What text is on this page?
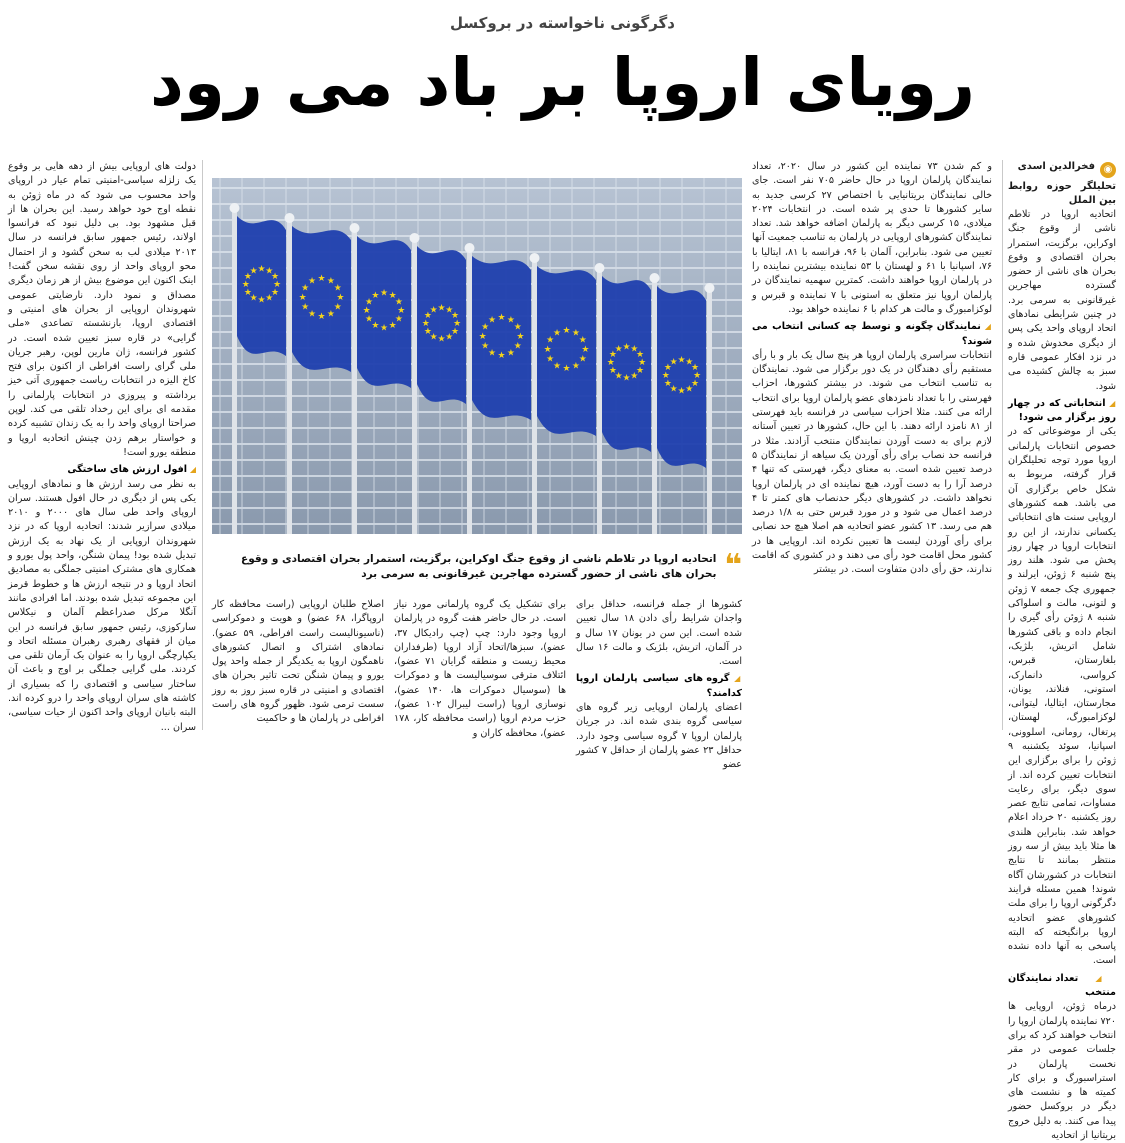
دگرگونی ناخواسته در بروکسل
رویای اروپا بر باد می رود
◉
فخرالدین اسدی
تحلیلگر حوزه روابط بین الملل

اتحادیه اروپا در تلاطم ناشی از وقوع جنگ اوکراین، برگزیت، استمرار بحران اقتصادی و وقوع بحران های ناشی از حضور گسترده مهاجرین غیرقانونی به سرمی برد. در چنین شرایطی نمادهای اتحاد اروپای واحد یکی پس از دیگری مخدوش شده و در نزد افکار عمومی قاره سبز به چالش کشیده می شود.

◢ انتخاباتی که در چهار روز برگزار می شود!

یکی از موضوعاتی که در خصوص انتخابات پارلمانی اروپا مورد توجه تحلیلگران قرار گرفته، مربوط به شکل خاص برگزاری آن می باشد. همه کشورهای اروپایی سنت های انتخاباتی یکسانی ندارند، از این رو انتخابات اروپا در چهار روز پخش می شود. هلند روز پنج شنبه ۶ ژوئن، ایرلند و جمهوری چک جمعه ۷ ژوئن و لتونی، مالت و اسلواکی شنبه ۸ ژوئن رأی گیری را انجام داده و باقی کشورها شامل اتریش، بلژیک، بلغارستان، قبرس، کرواسی، دانمارک، استونی، فنلاند، یونان، مجارستان، ایتالیا، لیتوانی، لوکزامبورگ، لهستان، پرتغال، رومانی، اسلوونی، اسپانیا، سوئد یکشنبه ۹ ژوئن را برای برگزاری این انتخابات تعیین کرده اند. از سوی دیگر، برای رعایت مساوات، تمامی نتایج عصر روز یکشنبه ۲۰ خرداد اعلام خواهد شد. بنابراین هلندی ها مثلا باید بیش از سه روز منتظر بمانند تا نتایج انتخابات در کشورشان آگاه شوند! همین مسئله فرایند دگرگونی اروپا را برای ملت کشورهای عضو اتحادیه اروپا برانگیخته که البته پاسخی به آنها داده نشده است.

◢ تعداد نمایندگان منتخب

درماه ژوئن، اروپایی ها ۷۲۰ نماینده پارلمان اروپا را انتخاب خواهند کرد که برای جلسات عمومی در مقر نخست پارلمان در استراسبورگ و برای کار کمیته ها و نشست های دیگر در بروکسل حضور پیدا می کنند. به دلیل خروج بریتانیا از اتحادیه

و کم شدن ۷۳ نماینده این کشور در سال ۲۰۲۰، تعداد نمایندگان پارلمان اروپا در حال حاضر ۷۰۵ نفر است. جای خالی نمایندگان بریتانیایی با اختصاص ۲۷ کرسی جدید به سایر کشورها تا حدی پر شده است. در انتخابات ۲۰۲۴ میلادی، ۱۵ کرسی دیگر به پارلمان اضافه خواهد شد. تعداد نمایندگان کشورهای اروپایی در پارلمان به تناسب جمعیت آنها تعیین می شود. بنابراین، آلمان با ۹۶، فرانسه با ۸۱، ایتالیا با ۷۶، اسپانیا با ۶۱ و لهستان با ۵۳ نماینده بیشترین نماینده را در پارلمان اروپا خواهند داشت. کمترین سهمیه نمایندگان در پارلمان اروپا نیز متعلق به استونی با ۷ نماینده و قبرس و لوکزامبورگ و مالت هر کدام با ۶ نماینده خواهد بود.

◢ نمایندگان چگونه و توسط چه کسانی انتخاب می شوند؟

انتخابات سراسری پارلمان اروپا هر پنج سال یک بار و با رأی مستقیم رأی دهندگان در یک دور برگزار می شود. نمایندگان به تناسب انتخاب می شوند. در بیشتر کشورها، احزاب فهرستی را با تعداد نامزدهای عضو پارلمان اروپا برای انتخاب ارائه می کنند. مثلا احزاب سیاسی در فرانسه باید فهرستی از ۸۱ نامزد ارائه دهند. با این حال، کشورها در تعیین آستانه لازم برای به دست آوردن نمایندگان منتخب آزادند. مثلا در فرانسه حد نصاب برای رأی آوردن یک سیاهه از نمایندگان ۵ درصد تعیین شده است. به معنای دیگر، فهرستی که تنها ۴ درصد آرا را به دست آورد، هیچ نماینده ای در پارلمان اروپا نخواهد داشت. در کشورهای دیگر حدنصاب های کمتر تا ۴ درصد اعمال می شود و در مورد قبرس حتی به ۱/۸ درصد هم می رسد. ۱۳ کشور عضو اتحادیه هم اصلا هیچ حد نصابی برای رأی آوردن لیست ها تعیین نکرده اند. اروپایی ها در کشور محل اقامت خود رأی می دهند و در کشوری که اقامت ندارند، حق رأی دادن متفاوت است. در بیشتر

★
★
★
★
★
★
★
★
★ ★ ★
★
★
★
★
★
★
★
★
★
★ ★ ★
★
★
★
★
★
★
★
★
★
★ ★ ★
★
★
★
★
★
★
★
★
★
★ ★ ★
★
★
★
★
★
★
★
★
★
★ ★ ★
★
★
★
★
★
★
★
★
★
★ ★ ★
★
★
★
★
★
★
★
★
★
★ ★ ★
★
★
★
★
★
★
★
★
★
★ ★ ★
★
❝
اتحادیه اروپا در تلاطم ناشی از وقوع جنگ اوکراین، برگزیت، استمرار بحران اقتصادی و وقوع بحران های ناشی از حضور گسترده مهاجرین غیرقانونی به سرمی برد

کشورها از جمله فرانسه، حداقل برای واجدان شرایط رأی دادن ۱۸ سال تعیین شده است. این سن در یونان ۱۷ سال و در آلمان، اتریش، بلژیک و مالت ۱۶ سال است.

◢ گروه های سیاسی پارلمان اروپا کدامند؟

اعضای پارلمان اروپایی زیر گروه های سیاسی گروه بندی شده اند. در جریان پارلمان اروپا ۷ گروه سیاسی وجود دارد. حداقل ۲۳ عضو پارلمان از حداقل ۷ کشور عضو

برای تشکیل یک گروه پارلمانی مورد نیاز است. در حال حاضر هفت گروه در پارلمان اروپا وجود دارد: چپ (چپ رادیکال ۳۷، عضو)، سبزها/اتحاد آزاد اروپا (طرفداران محیط زیست و منطقه گرایان ۷۱ عضو)، ائتلاف مترقی سوسیالیست ها و دموکرات ها (سوسیال دموکرات ها، ۱۴۰ عضو)، نوسازی اروپا (راست لیبرال ۱۰۲ عضو)، حزب مردم اروپا (راست محافظه کار، ۱۷۸ عضو)، محافظه کاران و

اصلاح طلبان اروپایی (راست محافظه کار اروپاگرا، ۶۸ عضو) و هویت و دموکراسی (ناسیونالیست راست افراطی، ۵۹ عضو). نمادهای اشتراک و اتصال کشورهای ناهمگون اروپا به یکدیگر از جمله واحد پول یورو و پیمان شنگن تحت تاثیر بحران های اقتصادی و امنیتی در قاره سبز روز به روز سست ترمی شود. ظهور گروه های راست افراطی در پارلمان ها و حاکمیت

دولت های اروپایی بیش از دهه هایی بر وقوع یک زلزله سیاسی-امنیتی تمام عیار در اروپای واحد محسوب می شود که در ماه ژوئن به نقطه اوج خود خواهد رسید. این بحران ها از قبل مشهود بود. بی دلیل نبود که فرانسوا اولاند، رئیس جمهور سابق فرانسه در سال ۲۰۱۳ میلادی لب به سخن گشود و از احتمال محو اروپای واحد از روی نقشه سخن گفت! اینک اکنون این موضوع بیش از هر زمان دیگری مصداق و نمود دارد. نارضایتی عمومی شهروندان اروپایی از بحران های امنیتی و اقتصادی اروپا، بازنشسته تصاعدی «ملی گرایی» در قاره سبز تعیین شده است. در کشور فرانسه، ژان مارین لوپن، رهبر جریان ملی گرای راست افراطی از اکنون برای فتح کاخ الیزه در انتخابات ریاست جمهوری آتی خیز برداشته و پیروزی در انتخابات پارلمانی را مقدمه ای برای این رخداد تلقی می کند. لوپن صراحتا اروپای واحد را به یک زندان تشبیه کرده و خواستار برهم زدن چینش اتحادیه اروپا و منطقه یورو است!

◢ افول ارزش های ساختگی

به نظر می رسد ارزش ها و نمادهای اروپایی یکی پس از دیگری در حال افول هستند. سران اروپای واحد طی سال های ۲۰۰۰ و ۲۰۱۰ میلادی سرازیر شدند: اتحادیه اروپا که در نزد شهروندان اروپایی از یک نهاد به یک ارزش تبدیل شده بود! پیمان شنگن، واحد پول یورو و همکاری های مشترک امنیتی جملگی به مصادیق اتحاد اروپا و در نتیجه ارزش ها و خطوط قرمز این مجموعه تبدیل شده بودند. اما افرادی مانند آنگلا مرکل صدراعظم آلمان و نیکلاس سارکوزی، رئیس جمهور سابق فرانسه در این میان از فقهای رهبری رهبران مسئله اتحاد و یکپارچگی اروپا را به عنوان یک آرمان تلقی می کردند. ملی گرایی جملگی بر اوج و باعث آن ساختار سیاسی و اقتصادی را که بسیاری از کاشته های سران اروپای واحد را درو کرده اند. البته بانیان اروپای واحد اکنون از حیات سیاسی، سران ...
